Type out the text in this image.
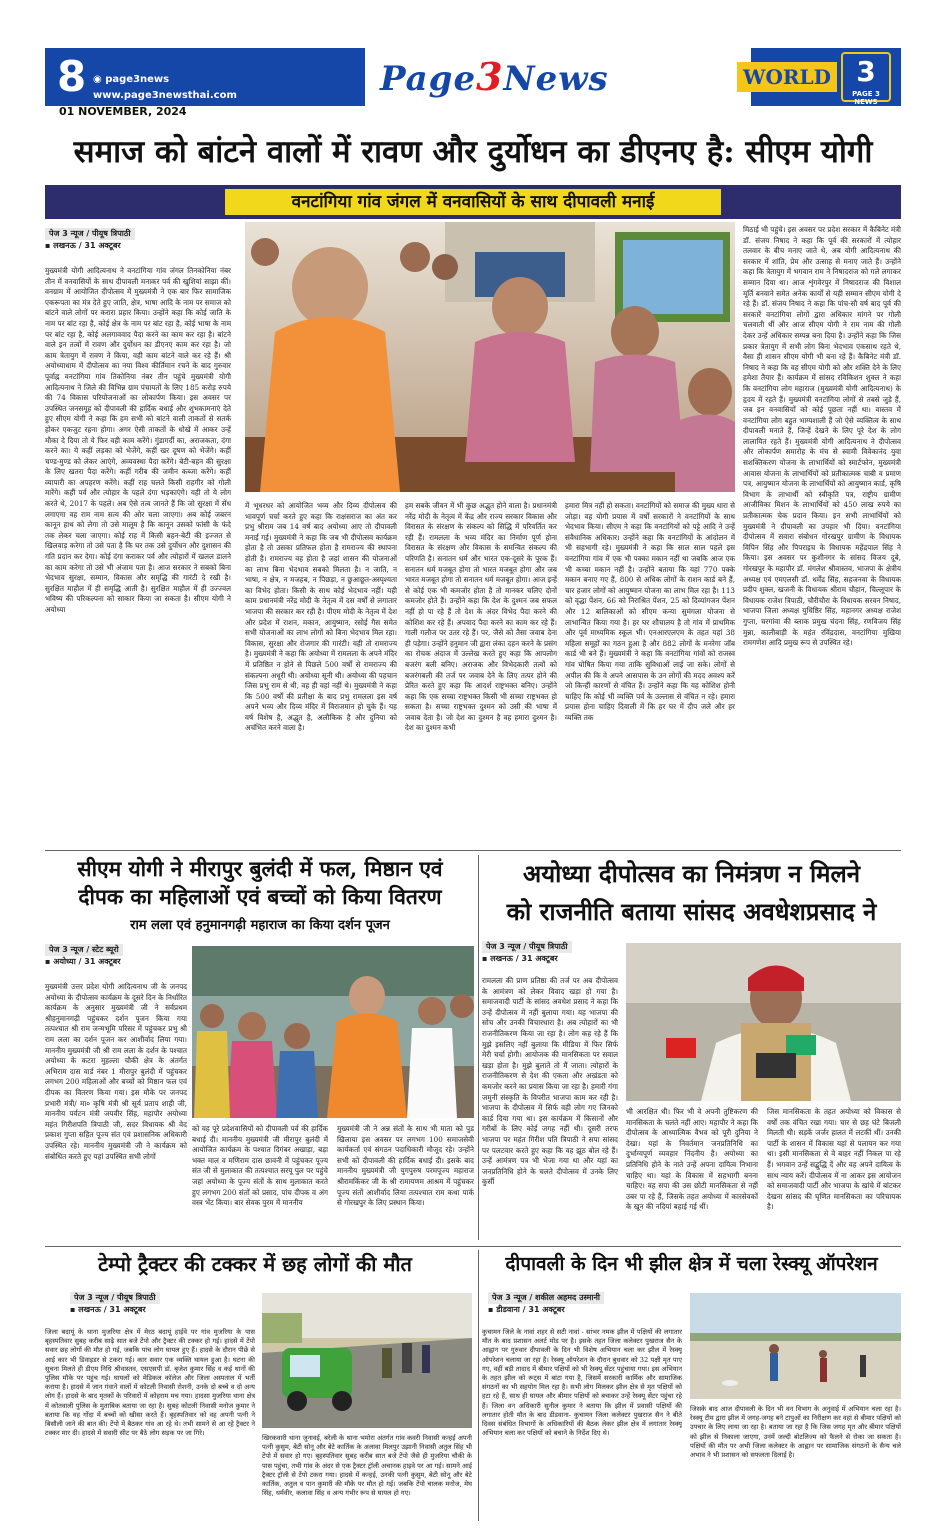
8 ◉ page3news
www.page3newsthai.com
01 NOVEMBER, 2024
Page3News	WORLD 3
PAGE 3 NEWS
समाज को बांटने वालों में रावण और दुर्योधन का डीएनए है: सीएम योगी
वनटांगिया गांव जंगल में वनवासियों के साथ दीपावली मनाई
पेज 3 न्यूज / पीयूष त्रिपाठी
▪ लखनऊ / 31 अक्टूबर
मुख्यमंत्री योगी आदित्यनाथ ने वनटांगिया गांव जंगल तिनकोनिया नंबर तीन में वनवासियों के साथ दीपावली मनाकर पर्व की खुशियां साझा कीं। वनग्राम में आयोजित दीपोत्सव में मुख्यमंत्री ने एक बार फिर सामाजिक एकरूपता का मंत्र देते हुए जाति, क्षेत्र, भाषा आदि के नाम पर समाज को बांटने वाले लोगों पर करारा प्रहार किया। उन्होंने कहा कि कोई जाति के नाम पर बांट रहा है, कोई क्षेत्र के नाम पर बांट रहा है, कोई भाषा के नाम पर बांट रहा है, कोई अलगाववाद पैदा करने का काम कर रहा है। बांटने वाले इन तत्वों में रावण और दुर्योधन का डीएनए काम कर रहा है। जो काम त्रेतायुग में रावण ने किया, वही काम बांटने वाले कर रहे हैं। श्री अयोध्याधाम में दीपोत्सव का नया विश्व कीर्तिमान रचने के बाद गुरुवार पूर्वाह्न वनटांगिया गांव तिकोनिया नंबर तीन पहुंचे मुख्यमंत्री योगी आदित्यनाथ ने जिले की विभिन्न ग्राम पंचायतों के लिए 185 करोड़ रुपये की 74 विकास परियोजनाओं का लोकार्पण किया। इस अवसर पर उपस्थित जनसमूह को दीपावली की हार्दिक बधाई और शुभकामनाएं देते हुए सीएम योगी ने कहा कि हम सभी को बांटने वाली ताकतों से सतर्क होकर एकजुट रहना होगा। अगर ऐसी ताकतों के धोखे में आकर उन्हें मौका दे दिया तो ये फिर वही काम करेंगे। गुंडागर्दी का, अराजकता, दंगा करने का। ये कहीं लड़का को भेजेंगे, कहीं खर दूषण को भेजेंगे। कहीं चण्ड-मुण्ड को लेकर आएंगे, अव्यवस्था पैदा करेंगे। बेटी-बहन की सुरक्षा के लिए खतरा पैदा करेंगे। कहीं गरीब की जमीन कब्जा करेंगे। कहीं व्यापारी का अपहरण करेंगे। कहीं राह चलते किसी राहगीर को गोली मारेंगे। कहीं पर्व और त्योहार के पहले दंगा भड़काएंगे। यही तो ये लोग करते थे, 2017 के पहले। अब ऐसे तत्व जानते हैं कि जो सुरक्षा में सेंध लगाएगा वह राम नाम सत्य की ओर चला जाएगा। अब कोई जबरन कानून हाथ को लेगा तो उसे मालूम है कि कानून उसको फांसी के फंदे तक लेकर चला जाएगा। कोई राह में किसी बहन-बेटी की इज्जत से खिलवाड़ करेगा तो उसे पता है कि घर तक उसे दुर्योधन और दुशासन की गति प्रदान कर देगा। कोई दंगा कराकर पर्व और त्योहारों में खलल डालने का काम करेगा तो उसे भी अंजाम पता है। आज सरकार ने सबको बिना भेदभाव सुरक्षा, सम्मान, विकास और समृद्धि की गारंटी दे रखी है। सुरक्षित माहौल में ही समृद्धि आती है। सुरक्षित माहौल में ही उज्ज्वल भविष्य की परिकल्पना को साकार किया जा सकता है। सीएम योगी ने अयोध्या
में भूधरधर को आयोजित भव्य और दिव्य दीपोत्सव की भावपूर्ण चर्चा करते हुए कहा कि राक्षसराज का अंत कर प्रभु श्रीराम जब 14 वर्ष बाद अयोध्या आए तो दीपावली मनाई गई। मुख्यमंत्री ने कहा कि जब भी दीपोत्सव कार्यक्रम होता है तो उसका प्रतिफल होता है रामराज्य की स्थापना होती है। रामराज्य वह होता है जहां शासन की योजनाओं का लाभ बिना भेदभाव सबको मिलता है। न जाति, न भाषा, न क्षेत्र, न मजहब, न पिछड़ा, न छुआछूत-अस्पृश्यता का विभेद होता। किसी के साथ कोई भेदभाव नहीं। यही काम प्रधानमंत्री नरेंद्र मोदी के नेतृत्व में दस वर्षों से लगातार भाजपा की सरकार कर रही है। पीएम मोदी के नेतृत्व में देश और प्रदेश में राशन, मकान, आयुष्मान, रसोई गैस समेत सभी योजनाओं का लाभ लोगों को बिना भेदभाव मिल रहा। विकास, सुरक्षा और रोजगार की गारंटी। यही तो रामराज्य है। मुख्यमंत्री ने कहा कि अयोध्या में रामलला के अपने मंदिर में प्रतिष्ठित न होने से पिछले 500 वर्षों से रामराज्य की संकल्पना अधूरी थी। अयोध्या सूनी थी। अयोध्या की पहचान जिस प्रभु राम से थी, वह ही वहां नहीं थे। मुख्यमंत्री ने कहा कि 500 वर्षों की प्रतीक्षा के बाद प्रभु रामलला इस वर्ष अपने भव्य और दिव्य मंदिर में विराजमान हो चुके हैं। यह वर्ष विशेष है, अद्भुत है, अलौकिक है और दुनिया को अचंभित करने वाला है।
हम सबके जीवन में भी कुछ अद्भुत होने वाला है। प्रधानमंत्री नरेंद्र मोदी के नेतृत्व में केंद्र और राज्य सरकार विकास और विरासत के संरक्षण के संकल्प को सिद्धि में परिवर्तित कर रही हैं। रामलला के भव्य मंदिर का निर्माण पूर्ण होना विरासत के संरक्षण और विकास के समन्वित संकल्प की परिणति है। सनातन धर्म और भारत एक-दूसरे के पूरक हैं। सनातन धर्म मजबूत होगा तो भारत मजबूत होगा और जब भारत मजबूत होगा तो सनातन धर्म मजबूत होगा। आज इन्हें से कोई एक भी कमजोर होता है तो मानकर चलिए दोनों कमजोर होते हैं। उन्होंने कहा कि देश के दुश्मन जब सफल नहीं हो पा रहे हैं तो देश के अंदर विभेद पैदा करने की कोशिश कर रहे हैं। अपवाद पैदा करने का काम कर रहे हैं। गाली गलौज पर उतर रहे हैं। पर, जैसे को तैसा जवाब देना ही पड़ेगा। उन्होंने हनुमान जी द्वारा लंका दहन करने के प्रसंग का रोचक अंदाज में उल्लेख करते हुए कहा कि आपलोग बजरंग बली बनिए। अराजक और विभेदकारी तत्वों को बजरंगबली की तर्ज पर जवाब देने के लिए तत्पर होने की प्रेरित करते हुए कहा कि आदर्श राष्ट्रभक्त बनिए। उन्होंने कहा कि एक सच्चा राष्ट्रभक्त किसी भी सच्चा राष्ट्रभक्त हो सकता है। सच्चा राष्ट्रभक्त दुश्मन को उसी की भाषा में जवाब देता है। जो देश का दुश्मन है वह हमारा दुश्मन है। देश का दुश्मन कभी
हमारा मित्र नहीं हो सकता। वनटांगियों को समाज की मुख्य धारा से जोड़ा। वह योगी प्रयास में वर्षों सरकारों ने वनटांगियों के साथ भेदभाव किया। सीएम ने कहा कि वनटांगियों को पट्टे आदि ने उन्हें संवैधानिक अधिकार। उन्होंने कहा कि वनटांगियों के आंदोलन में भी सहभागी रहे। मुख्यमंत्री ने कहा कि साल साल पहले इस वनटांगिया गांव में एक भी पक्का मकान नहीं था जबकि आज एक भी कच्चा मकान नहीं है। उन्होंने बताया कि यहां 770 पक्के मकान बनाए गए हैं, 800 से अधिक लोगों के राशन कार्ड बने हैं, चार हजार लोगों को आयुष्मान योजना का लाभ मिल रहा है। 113 को वृद्धा पेंशन, 66 को निराश्रित पेंशन, 25 को दिव्यांगजन पेंशन और 12 बालिकाओं को सीएम कन्या सुमंगला योजना से लाभान्वित किया गया है। हर घर शौचालय है तो गांव में प्राथमिक और पूर्व माध्यमिक स्कूल भी। एनआरएलएम के तहत यहां 38 महिला समूहों का गठन हुआ है और 882 लोगों के मनरेगा जॉब कार्ड भी बने हैं। मुख्यमंत्री ने कहा कि वनटांगिया गांवों को राजस्व गांव घोषित किया गया ताकि सुविधाओं लाई जा सके। लोगों से अपील की कि वे अपने आसपास के उन लोगों की मदद अवश्य करें जो किन्हीं कारणों से वंचित हैं। उन्होंने कहा कि यह कोशिश होनी चाहिए कि कोई भी व्यक्ति पर्व के उल्लास से वंचित न रहे। हमारा प्रयास होना चाहिए दिवाली में कि हर घर में दीप जले और हर व्यक्ति तक
मिठाई भी पहुंचे। इस अवसर पर प्रदेश सरकार में कैबिनेट मंत्री डॉ. संजय निषाद ने कहा कि पूर्व की सरकारों में त्योहार तलवार के बीच मनाए जाते थे, अब योगी आदित्यनाथ की सरकार में शांति, प्रेम और उत्साह से मनाए जाते हैं। उन्होंने कहा कि त्रेतायुग में भगवान राम ने निषादराज को गले लगाकर सम्मान दिया था। आज शृंगवेरपुर में निषादराज की विशाल मूर्ति बनवाने समेत अनेक कार्यों से यही सम्मान सीएम योगी दे रहे हैं। डॉ. संजय निषाद ने कहा कि पांच-सौ वर्ष बाद पूर्व की सरकारें वनटांगिया लोगों द्वारा अधिकार मांगने पर गोली चलवाती थीं और आज सीएम योगी ने राम नाम की गोली देकर उन्हें अधिकार सम्पन्न बना दिया है। उन्होंने कहा कि जिस प्रकार त्रेतायुग में सभी लोग बिना भेदभाव एकसाथ रहते थे, वैसा ही शासन सीएम योगी भी बना रहे हैं। कैबिनेट मंत्री डॉ. निषाद ने कहा कि वह सीएम योगी को और शक्ति देने के लिए हमेशा तैयार हैं। कार्यक्रम में सांसद रविकिशन शुक्ल ने कहा कि वनटांगिया लोग महाराज (मुख्यमंत्री योगी आदित्यनाथ) के हृदय में रहते हैं। मुख्यमंत्री वनटांगिया लोगों से तबसे जुड़े हैं, जब इन वनवासियों को कोई पूछता नहीं था। वास्तव में वनटांगिया लोग बहुत भाग्यशाली हैं जो ऐसे व्यक्तित्व के साथ दीपावली मनाते हैं, जिन्हें देखने के लिए पूरे देश के लोग लालायित रहते हैं। मुख्यमंत्री योगी आदित्यनाथ ने दीपोत्सव और लोकार्पण समारोह के मंच से स्वामी विवेकानंद युवा सशक्तिकरण योजना के लाभार्थियों को स्मार्टफोन, मुख्यमंत्री आवास योजना के लाभार्थियों को प्रतीकात्मक चाबी व प्रमाण पत्र, आयुष्मान योजना के लाभार्थियों को आयुष्मान कार्ड, कृषि विभाग के लाभार्थी को स्वीकृति पत्र, राष्ट्रीय ग्रामीण आजीविका मिशन के लाभार्थियों को 450 लाख रुपये का प्रतीकात्मक चेक प्रदान किया। इन सभी लाभार्थियों को मुख्यमंत्री ने दीपावली का उपहार भी दिया। वनटांगिया दीपोत्सव में सवारा संबोधन गोरखपुर ग्रामीण के विधायक विपिन सिंह और पिपराइच के विधायक महेंद्रपाल सिंह ने किया। इस अवसर पर कुशीनगर के सांसद विजय दूबे, गोरखपुर के महापौर डॉ. मंगलेश श्रीवास्तव, भाजपा के क्षेत्रीय अध्यक्ष एवं एमएलसी डॉ. धर्मेंद्र सिंह, सहजनवा के विधायक प्रदीप शुक्ल, खजनी के विधायक श्रीराम चौहान, चिल्लूपार के विधायक राजेश त्रिपाठी, चौरीचौरा के विधायक सरवन निषाद, भाजपा जिला अध्यक्ष युधिष्ठिर सिंह, महानगर अध्यक्ष राजेश गुप्ता, चरगांवा की ब्लाक प्रमुख चंदना सिंह, रणविजय सिंह मुन्ना, कालीबाड़ी के महंत रविंद्रदास, वनटांगिया मुखिया रामगणेश आदि प्रमुख रूप से उपस्थित रहे।
सीएम योगी ने मीरापुर बुलंदी में फल, मिष्ठान एवं
दीपक का महिलाओं एवं बच्चों को किया वितरण
राम लला एवं हनुमानगढ़ी महाराज का किया दर्शन पूजन
पेज 3 न्यूज / स्टेट ब्यूरो
▪ अयोध्या / 31 अक्टूबर
मुख्यमंत्री उत्तर प्रदेश योगी आदित्यनाथ जी के जनपद अयोध्या के दीपोत्सव कार्यक्रम के दूसरे दिन के निर्धारित कार्यक्रम के अनुसार मुख्यमंत्री जी ने सर्वप्रथम श्रीहनुमानगढ़ी पहुंचकर दर्शन पूजन किया गया तत्पश्चात श्री राम जन्मभूमि परिसर में पहुंचकर प्रभु श्री राम लला का दर्शन पूजन कर आशीर्वाद लिया गया। माननीय मुख्यमंत्री जी श्री राम लला के दर्शन के पश्चात अयोध्या के कटरा मुहल्ला चौकी क्षेत्र के अंतर्गत अभिराम दास वार्ड नंबर 1 मीरापुर बुलंदी में पहुंचकर लगभग 200 महिलाओं और बच्चों को मिष्ठान फल एवं दीपक का वितरण किया गया। इस मौके पर जनपद प्रभारी मंत्री/ मा० कृषि मंत्री श्री सूर्य प्रताप शाही जी, माननीय पर्यटन मंत्री जयवीर सिंह, महापौर अयोध्या महंत गिरीशपति त्रिपाठी जी, सदर विधायक श्री वेद प्रकाश गुप्ता सहित पूज्य संत एवं प्रशासनिक अधिकारी उपस्थित रहे। माननीय मुख्यमंत्री जी ने कार्यक्रम को संबोधित करते हुए यहां उपस्थित सभी लोगों
को वह पूरे प्रदेशवासियों को दीपावली पर्व की हार्दिक बधाई दी। माननीय मुख्यमंत्री जी मीरापुर बुलंदी में आयोजित कार्यक्रम के पश्चात दिगंबर अखाड़ा, बड़ा भक्त माल व मणिराम दास छावनी में पहुंचकर पूज्य संत जी से मुलाकात की तत्पश्चात सरयू पुल पर पहुंचे जहां अयोध्या के पूज्य संतों के साथ मुलाकात करते हुए लगभग 200 संतों को प्रसाद, पांच दीपक व अंग वस्त्र भेंट किया। बार सेवक पुरम में माननीय
मुख्यमंत्री जी ने अन्न संतों के साथ भी माता को पुड खिलाया इस अवसर पर लगभग 100 समाजसेवी कार्यकर्ता एवं संगठन पदाधिकारी मौजूद रहे। उन्होंने सभी को दीपावली की हार्दिक बधाई दी। इसके बाद माननीय मुख्यमंत्री जी युगपुरुष परमपूज्य महाराज श्रीरामकिंकर जी के श्री रामायणम आश्रम में पहुंचकर पूज्य संतों आशीर्वाद लिया तत्पश्चात राम कथा पार्क से गोरखपुर के लिए प्रस्थान किया।
अयोध्या दीपोत्सव का निमंत्रण न मिलने
को राजनीति बताया सांसद अवधेशप्रसाद ने
पेज 3 न्यूज / पीयूष त्रिपाठी
▪ लखनऊ / 31 अक्टूबर
रामलला की प्राण प्रतिष्ठा की तर्ज पर अब दीपोत्सव के आमंत्रण को लेकर विवाद खड़ा हो गया है। समाजवादी पार्टी के सांसद अवधेश प्रसाद ने कहा कि उन्हें दीपोत्सव में नहीं बुलाया गया। यह भाजपा की सोच और उनकी विचारधारा है। अब त्योहारों का भी राजनीतिकरण किया जा रहा है। लोग कह रहे हैं कि मुझे इसलिए नहीं बुलाया कि मीडिया में फिर सिर्फ मेरी चर्चा होगी। आयोजक की मानसिकता पर सवाल खड़ा होता है। मुझे बुलाते तो मैं जाता। त्योहारों के राजनीतिकरण से देश की एकता और अखंडता को कमजोर करने का प्रयास किया जा रहा है। हमारी गंगा जमुनी संस्कृति के विपरीत भाजपा काम कर रही है। भाजपा के दीपोत्सव में सिर्फ वही लोग गए जिनको कार्ड दिया गया था। इस कार्यक्रम में किसानों और गरीबों के लिए कोई जगह नहीं थी। दूसरी तरफ भाजपा पर महंत गिरीश पति त्रिपाठी ने सपा सांसद पर पलटवार करते हुए कहा कि वह झूठ बोल रहे हैं। उन्हें आमंत्रण पत्र भी भेजा गया था और यहां का जनप्रतिनिधि होने के चलते दीपोत्सव में उनके लिए कुर्सी
भी आरक्षित थी। फिर भी वे अपनी तुष्टिकरण की मानसिकता के चलते नहीं आए। महापौर ने कहा कि दीपोत्सव के आध्यात्मिक वैभव को पूरी दुनिया ने देखा। यहां के निवर्तमान जनप्रतिनिधि का दुर्भाग्यपूर्ण व्यवहार निंदनीय है। अयोध्या का प्रतिनिधि होने के नाते उन्हें अपना दायित्व निभाना चाहिए था। यहां के विकास में सहभागी बनना चाहिए। वह सपा की उस छोटी मानसिकता से नहीं उबर पा रहे हैं, जिसके तहत अयोध्या में कारसेवकों के खून की नदियां बहाई गई थीं।
जिस मानसिकता के तहत अयोध्या को विकास से वर्षों तक वंचित रखा गया। चार से छह घंटे बिजली मिलती थी। सड़कें जर्जर हालत में लटकीं थीं। उनकी पार्टी के शासन में विकास यहां से पलायन कर गया था। इसी मानसिकता से वे बाहर नहीं निकल पा रहे हैं। भगवान उन्हें सद्बुद्धि दें और वह अपने दायित्व के साथ न्याय करें। दीपोत्सव में ना आकर इस आयोजन को समाजवादी पार्टी और भाजपा के खांचे में बांटकर देखना सांसद की घृणित मानसिकता का परिचायक है।
टेम्पो ट्रैक्टर की टक्कर में छह लोगों की मौत
पेज 3 न्यूज / पीयूष त्रिपाठी
▪ लखनऊ / 31 अक्टूबर
जिला बदायूं के थाना मुजरिया क्षेत्र में मेरठ बदायूं हाईवे पर गांव मुजरिया के पास बृहस्पतिवार सुबह करीब साढ़े सात बजे टेंपो और ट्रैक्टर की टक्कर हो गई। हादसे में टेंपो सवार छह लोगों की मौत हो गई, जबकि पांच लोग घायल हुए हैं। हादसे के दौरान पीछे से आई कार भी डिवाइडर से टकरा गई। कार सवार एक व्यक्ति घायल हुआ है। घटना की सूचना मिलते ही डीएम निधि श्रीवास्तव, एसएसपी डॉ. बृजेश कुमार सिंह व कई थानों की पुलिस मौके पर पहुंच गई। घायलों को मेडिकल कॉलेज और जिला अस्पताल में भर्ती कराया है। हादसे में जान गंवाने वालों में कोटली निवासी रोशनी, उनके दो बच्चे व दो अन्य लोग हैं। हादसे के बाद मृतकों के परिवारों में कोहराम मच गया। हादसा मुजरिया थाना क्षेत्र में कोतवाली पुलिस के मुताबिक बताया जा रहा है। सुबह कोटली निवासी मनोज कुमार ने बताया कि वह गोंदा में बच्चों को खीसा करते हैं। बृहस्पतिवार को वह अपनी पत्नी ने बिसौली जाने की बात की। टेंपो में बैठकर गांव आ रहे थे। तभी सामने से आ रहे ट्रैक्टर ने टक्कर मार दी। हादसे में सवारी सीट पर बैठे लोग सड़क पर जा गिरे।
खिरकवारी थाना जुनावई, बरेली के थाना भमोरा अंतर्गत गांव कवरी निवासी कन्हई अपनी पत्नी कुसुम, बेटी सोनू और बेटे कार्तिक के अलावा मिलपुर उझानी निवासी अतुल सिंह भी टेंपो में सवार हो गए। बृहस्पतिवार सुबह करीब सात बजे टेंपो जैसे ही मुजरिया चौकी के पास पहुंचा, तभी गांव के अंदर से एक ट्रैक्टर ट्रॉली अचानक हाइवे पर आ गई। सामने आई ट्रैक्टर ट्रॉली से टेंपो टकरा गया। हादसे में कन्हई, उनकी पत्नी कुसुम, बेटी सोनू और बेटे कार्तिक, अतुल व पान कुमारी की मौके पर मौत हो गई। जबकि टेंपो चालक मनोज, मेघ सिंह, धर्मवीर, कलावा सिंह व अन्य गंभीर रूप से घायल हो गए।
दीपावली के दिन भी झील क्षेत्र में चला रेस्क्यू ऑपरेशन
पेज 3 न्यूज / शकील अहमद उस्मानी
▪ डीडवाना / 31 अक्टूबर
कुचामन जिले के नावां शहर से सटी नावां - सांभर नमक झील में पक्षियों की लगातार मौत के बाद प्रशासन अलर्ट मोड पर है। इसके तहत जिला कलेक्टर पुखराज सैन के आह्वान पर गुरुवार दीपावली के दिन भी विशेष अभियान चला कर झील में रेस्क्यू ऑपरेशन चलाया जा रहा है। रेस्क्यू ऑपरेशन के दौरान बुधवार को 32 पक्षी मृत पाए गए, वहीं बड़ी तादाद में बीमार पक्षियों को भी रेस्क्यू सेंटर पहुंचाया गया। इस अभियान के तहत झील को रूट्स में बांटा गया है, जिसमें सरकारी कार्मिक और सामाजिक संगठनों का भी सहयोग मिल रहा है। सभी लोग मिलकर झील क्षेत्र से मृत पक्षियों को हटा रहे हैं, साथ ही घायल और बीमार पक्षियों को बचाकर उन्हें रेस्क्यू सेंटर पहुंचा रहे हैं। जिला वन अधिकारी सुनील कुमार ने बताया कि झील में प्रवासी पक्षियों की लगातार होती मौत के बाद डीडवाना- कुचामन जिला कलेक्टर पुखराज सैन ने बीते दिवस संबंधित विभागों के अधिकारियों की बैठक लेकर झील क्षेत्र में लगातार रेस्क्यू अभियान चला कर पक्षियों को बचाने के निर्देश दिए थे।
जिसके बाद आज दीपावली के दिन भी वन विभाग के अनुवाई में अभियान चला रहा है। रेस्क्यू टीम द्वारा झील में जगह-जगह बने टापुओं का निरीक्षण कर वहां से बीमार पक्षियों को उपचार के लिए लाया जा रहा है। बताया जा रहा है कि जिस जगह मृत और बीमार पक्षियों को झील से निकाला जाएगा, उनमें जल्दी बोटलिज्म को फैलने से रोका जा सकता है। पक्षियों की मौत पर अभी जिला कलेक्टर के आह्वान पर सामाजिक संगठनों के सैन्य चले अभाव ने भी प्रशासन को सफलता दिलाई है।
